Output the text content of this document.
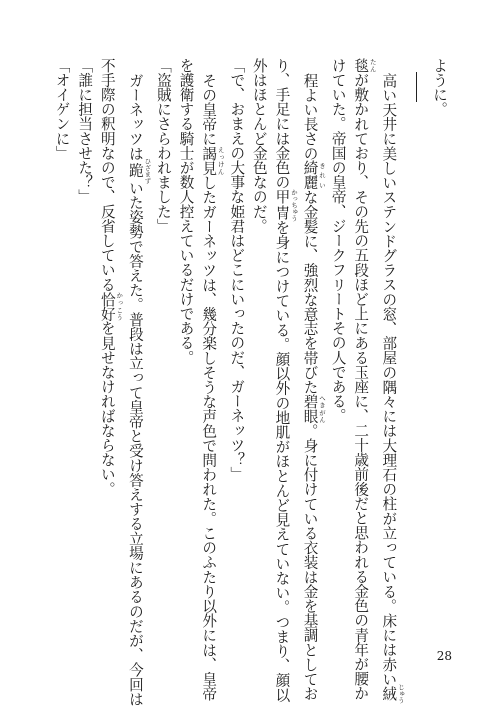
ように。
高い天井に美しいステンドグラスの窓、部屋の隅々には大理石の柱が立っている。床には赤い絨 じゅう
毯 たんが敷かれており、その先の五段ほど上にある玉座に、二十歳前後だと思われる金色の青年が腰か
けていた。帝国の皇帝、ジークフリートその人である。
程よい長さの綺麗 きれいな金髪に、強烈な意志を帯びた碧眼 へきがん。身に付けている衣装は金を基調としてお
り、手足には金色の甲冑 かっちゅうを身につけている。顔以外の地肌がほとんど見えていない。つまり、顔以
外はほとんど金色なのだ。
「で、おまえの大事な姫君はどこにいったのだ、ガーネッツ？」
その皇帝に謁見 えっけんしたガーネッツは、幾分楽しそうな声色で問われた。このふたり以外には、皇帝
を護衛する騎士が数人控えているだけである。
「盗賊にさらわれました」
ガーネッツは跪 ひざまずいた姿勢で答えた。普段は立って皇帝と受け答えする立場にあるのだが、今回は
不手際の釈明なので、反省している恰好 かっこうを見せなければならない。
「誰に担当させた？」
「オイゲンに」
28
